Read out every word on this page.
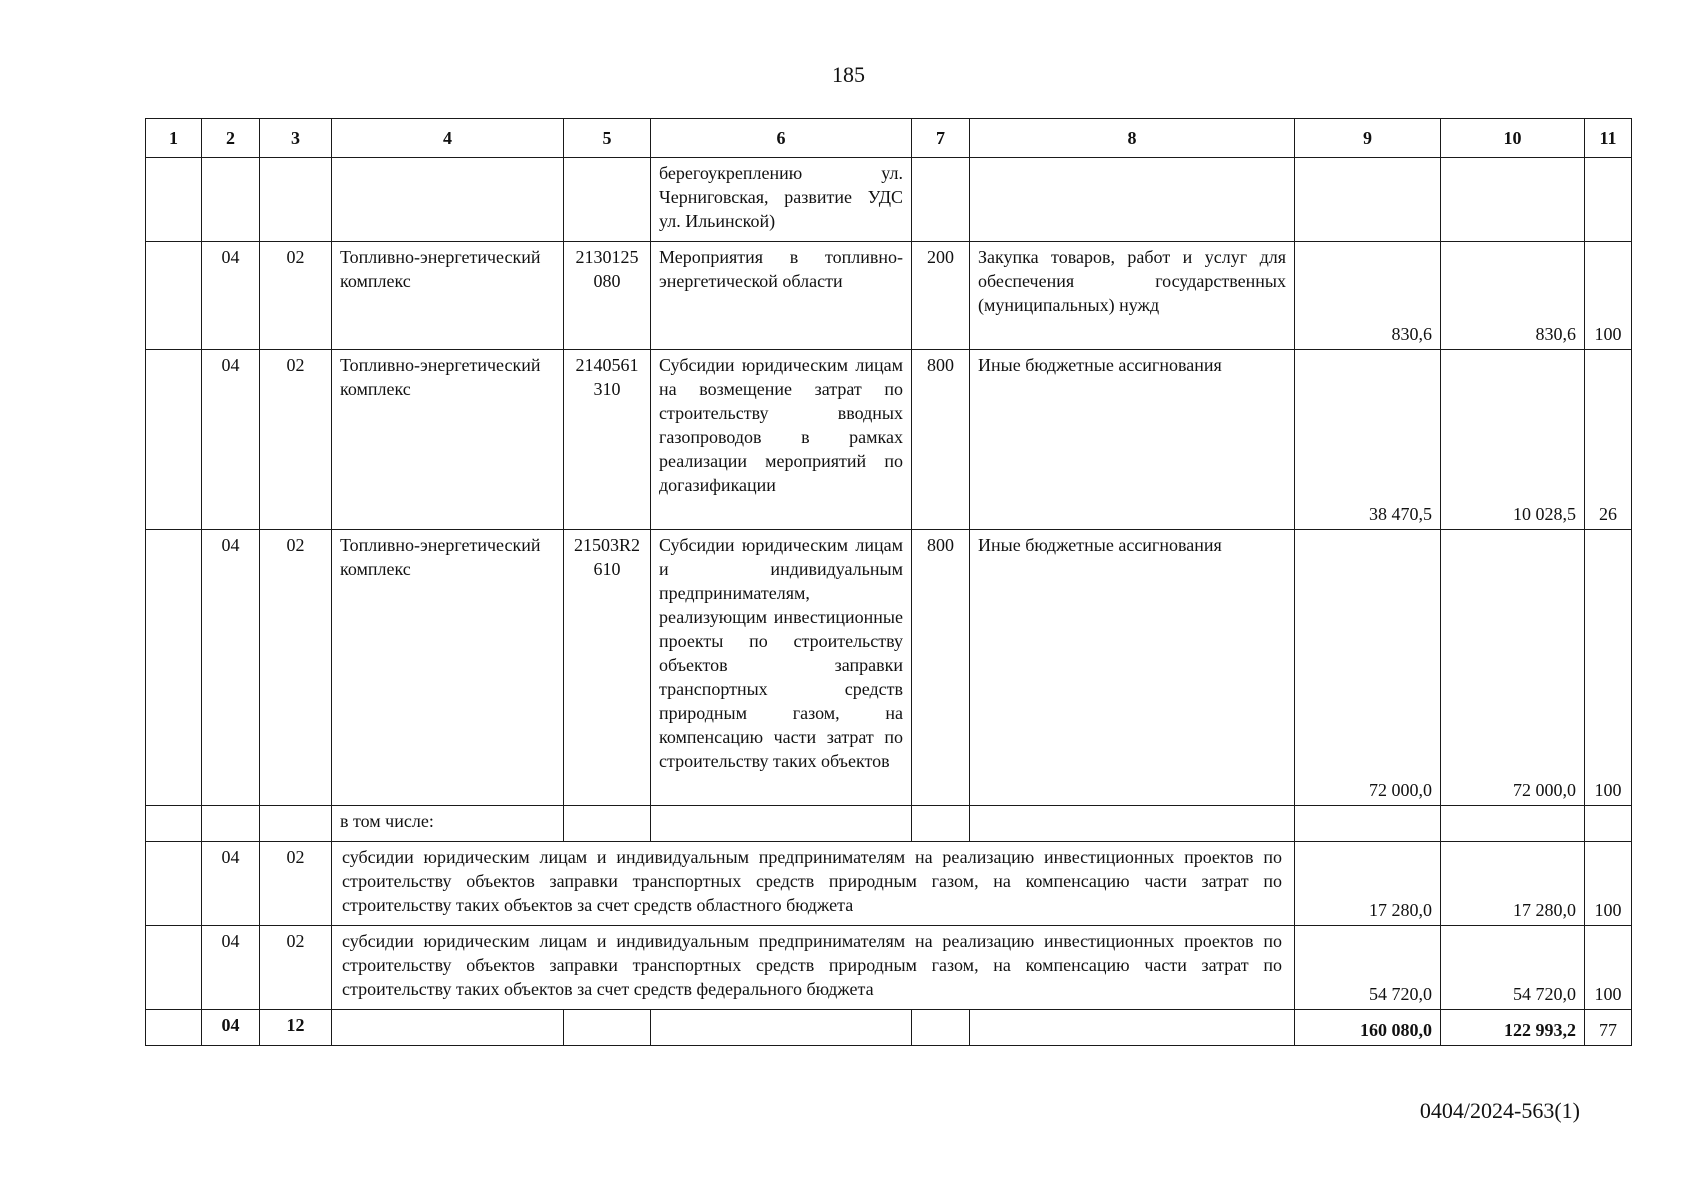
185
1	2	3	4	5	6	7	8	9	10	11
					берегоукреплению ул. Черниговская, развитие УДС ул. Ильинской)					
	04	02	Топливно-энергетический комплекс	2130125080	Мероприятия в топливно-энергетической области	200	Закупка товаров, работ и услуг для обеспечения государственных (муниципальных) нужд	830,6	830,6	100
	04	02	Топливно-энергетический комплекс	2140561310	Субсидии юридическим лицам на возмещение затрат по строительству вводных газопроводов в рамках реализации мероприятий по догазификации	800	Иные бюджетные ассигнования	38 470,5	10 028,5	26
	04	02	Топливно-энергетический комплекс	21503R2610	Субсидии юридическим лицам и индивидуальным предпринимателям, реализующим инвестиционные проекты по строительству объектов заправки транспортных средств природным газом, на компенсацию части затрат по строительству таких объектов	800	Иные бюджетные ассигнования	72 000,0	72 000,0	100
			в том числе:							
	04	02	субсидии юридическим лицам и индивидуальным предпринимателям на реализацию инвестиционных проектов по строительству объектов заправки транспортных средств природным газом, на компенсацию части затрат по строительству таких объектов за счет средств областного бюджета					17 280,0	17 280,0	100
	04	02	субсидии юридическим лицам и индивидуальным предпринимателям на реализацию инвестиционных проектов по строительству объектов заправки транспортных средств природным газом, на компенсацию части затрат по строительству таких объектов за счет средств федерального бюджета					54 720,0	54 720,0	100
	04	12						160 080,0	122 993,2	77
0404/2024-563(1)
